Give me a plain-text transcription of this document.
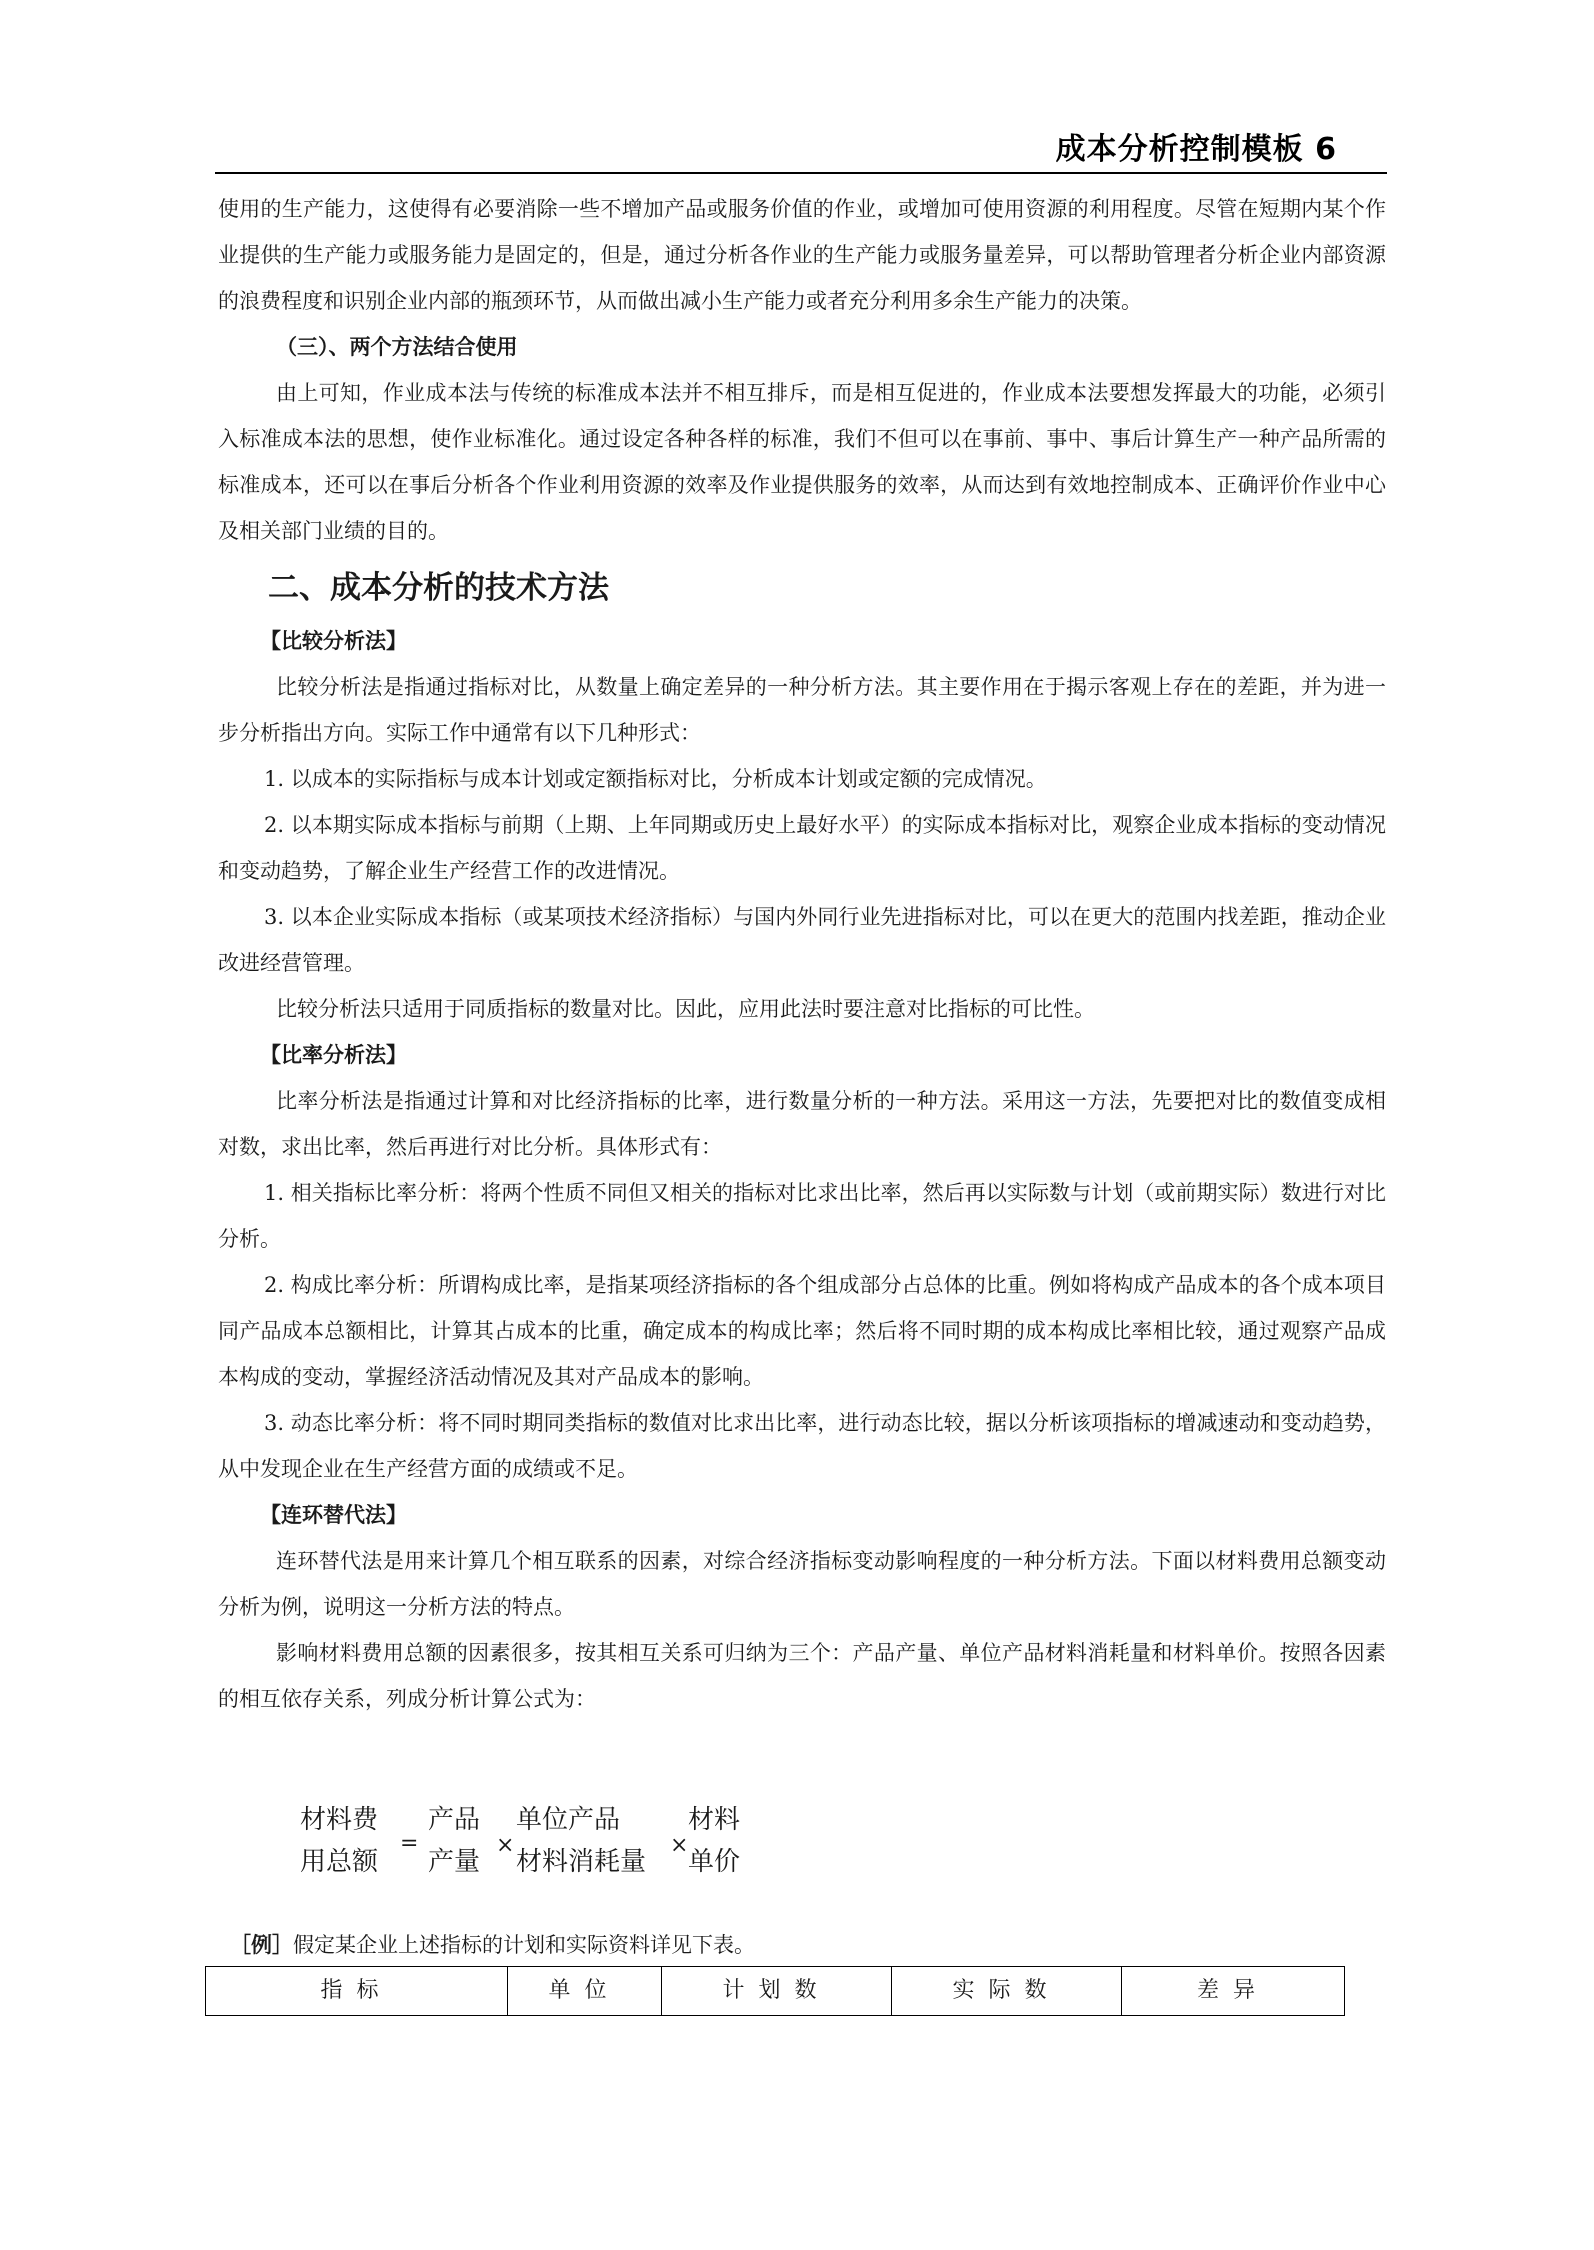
成本分析控制模板 6

使用的生产能力，这使得有必要消除一些不增加产品或服务价值的作业，或增加可使用资源的利用程度。尽管在短期内某个作业提供的生产能力或服务能力是固定的，但是，通过分析各作业的生产能力或服务量差异，可以帮助管理者分析企业内部资源的浪费程度和识别企业内部的瓶颈环节，从而做出减小生产能力或者充分利用多余生产能力的决策。

（三）、两个方法结合使用

由上可知，作业成本法与传统的标准成本法并不相互排斥，而是相互促进的，作业成本法要想发挥最大的功能，必须引入标准成本法的思想，使作业标准化。通过设定各种各样的标准，我们不但可以在事前、事中、事后计算生产一种产品所需的标准成本，还可以在事后分析各个作业利用资源的效率及作业提供服务的效率，从而达到有效地控制成本、正确评价作业中心及相关部门业绩的目的。

二、成本分析的技术方法

【比较分析法】

比较分析法是指通过指标对比，从数量上确定差异的一种分析方法。其主要作用在于揭示客观上存在的差距，并为进一步分析指出方向。实际工作中通常有以下几种形式：

1. 以成本的实际指标与成本计划或定额指标对比，分析成本计划或定额的完成情况。

2. 以本期实际成本指标与前期（上期、上年同期或历史上最好水平）的实际成本指标对比，观察企业成本指标的变动情况和变动趋势，了解企业生产经营工作的改进情况。

3. 以本企业实际成本指标（或某项技术经济指标）与国内外同行业先进指标对比，可以在更大的范围内找差距，推动企业改进经营管理。

比较分析法只适用于同质指标的数量对比。因此，应用此法时要注意对比指标的可比性。

【比率分析法】

比率分析法是指通过计算和对比经济指标的比率，进行数量分析的一种方法。采用这一方法，先要把对比的数值变成相对数，求出比率，然后再进行对比分析。具体形式有：

1. 相关指标比率分析：将两个性质不同但又相关的指标对比求出比率，然后再以实际数与计划（或前期实际）数进行对比分析。

2. 构成比率分析：所谓构成比率，是指某项经济指标的各个组成部分占总体的比重。例如将构成产品成本的各个成本项目同产品成本总额相比，计算其占成本的比重，确定成本的构成比率；然后将不同时期的成本构成比率相比较，通过观察产品成本构成的变动，掌握经济活动情况及其对产品成本的影响。

3. 动态比率分析：将不同时期同类指标的数值对比求出比率，进行动态比较，据以分析该项指标的增减速动和变动趋势，从中发现企业在生产经营方面的成绩或不足。

【连环替代法】

连环替代法是用来计算几个相互联系的因素，对综合经济指标变动影响程度的一种分析方法。下面以材料费用总额变动分析为例，说明这一分析方法的特点。

影响材料费用总额的因素很多，按其相互关系可归纳为三个：产品产量、单位产品材料消耗量和材料单价。按照各因素的相互依存关系，列成分析计算公式为：

材料费
用总额
=
产品
产量
×
单位产品
材料消耗量
×
材料
单价
［例］假定某企业上述指标的计划和实际资料详见下表。
指标	单位	计划数	实际数	差异
